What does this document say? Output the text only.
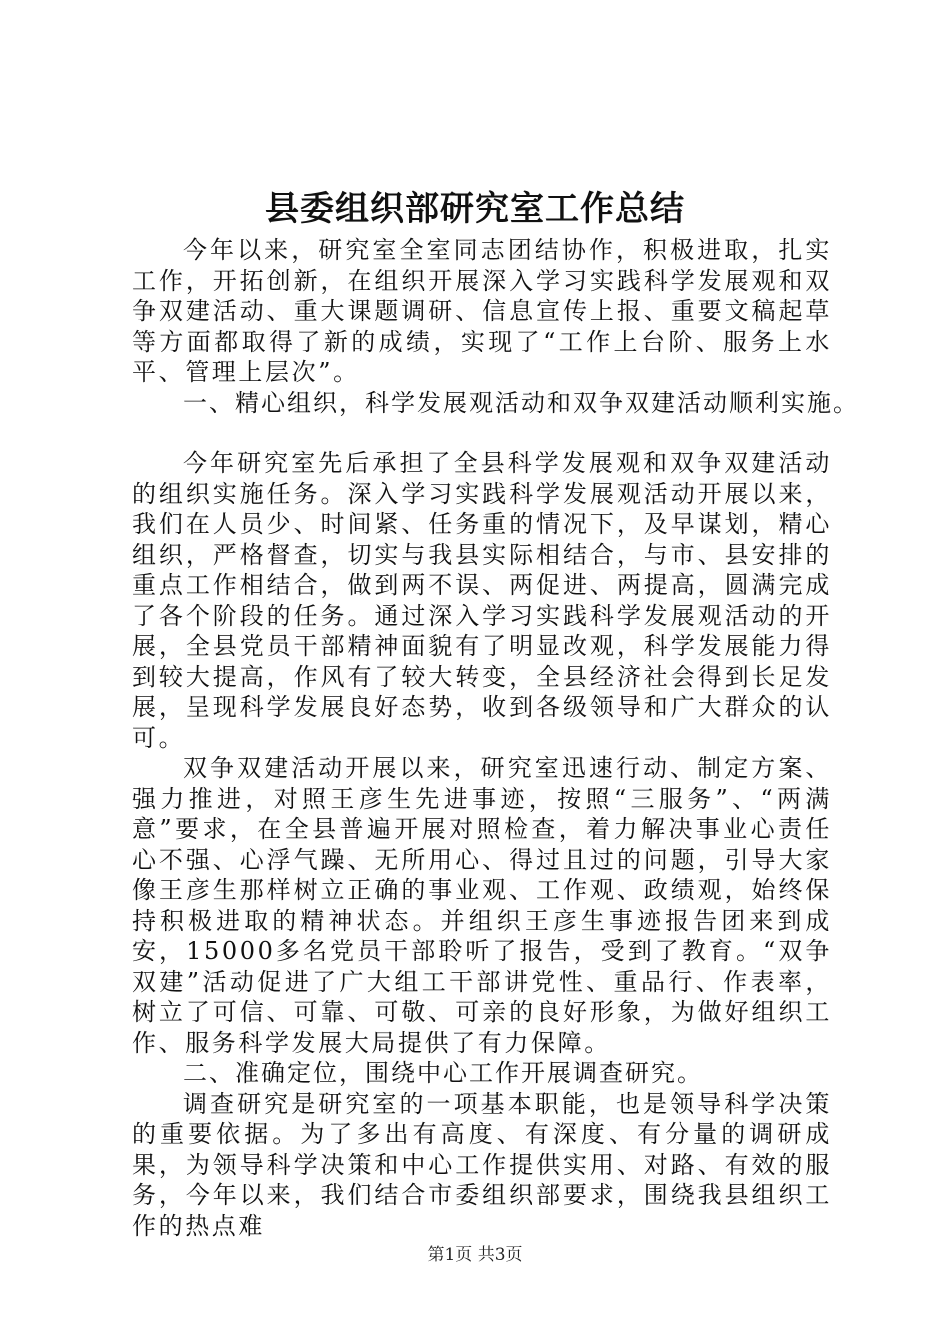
县委组织部研究室工作总结

今年以来，研究室全室同志团结协作，积极进取，扎实工作，开拓创新，在组织开展深入学习实践科学发展观和双争双建活动、重大课题调研、信息宣传上报、重要文稿起草等方面都取得了新的成绩，实现了“工作上台阶、服务上水平、管理上层次”。

一、精心组织，科学发展观活动和双争双建活动顺利实施。

今年研究室先后承担了全县科学发展观和双争双建活动的组织实施任务。深入学习实践科学发展观活动开展以来，我们在人员少、时间紧、任务重的情况下，及早谋划，精心组织，严格督查，切实与我县实际相结合，与市、县安排的重点工作相结合，做到两不误、两促进、两提高，圆满完成了各个阶段的任务。通过深入学习实践科学发展观活动的开展，全县党员干部精神面貌有了明显改观，科学发展能力得到较大提高，作风有了较大转变，全县经济社会得到长足发展，呈现科学发展良好态势，收到各级领导和广大群众的认可。

双争双建活动开展以来，研究室迅速行动、制定方案、强力推进，对照王彦生先进事迹，按照“三服务”、“两满意”要求，在全县普遍开展对照检查，着力解决事业心责任心不强、心浮气躁、无所用心、得过且过的问题，引导大家像王彦生那样树立正确的事业观、工作观、政绩观，始终保持积极进取的精神状态。并组织王彦生事迹报告团来到成安，15000多名党员干部聆听了报告，受到了教育。“双争双建”活动促进了广大组工干部讲党性、重品行、作表率，树立了可信、可靠、可敬、可亲的良好形象，为做好组织工作、服务科学发展大局提供了有力保障。

二、准确定位，围绕中心工作开展调查研究。

调查研究是研究室的一项基本职能，也是领导科学决策的重要依据。为了多出有高度、有深度、有分量的调研成果，为领导科学决策和中心工作提供实用、对路、有效的服务，今年以来，我们结合市委组织部要求，围绕我县组织工作的热点难

第1页 共3页
